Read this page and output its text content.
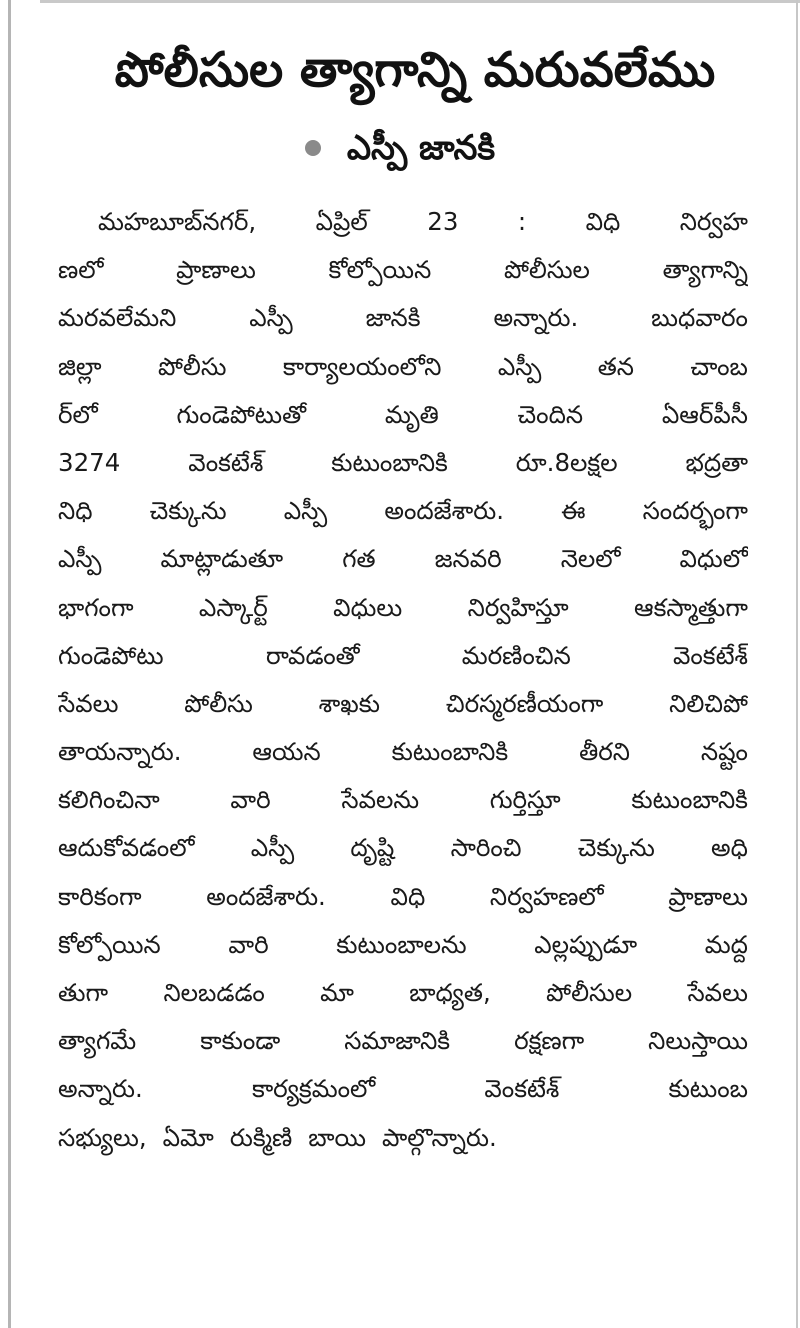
పోలీసుల త్యాగాన్ని మరువలేము
ఎస్పీ జానకి
మహబూబ్‌నగర్, ఏప్రిల్ 23 : విధి నిర్వహ
ణలో	ప్రాణాలు	కోల్పోయిన	పోలీసుల	త్యాగాన్ని
మరవలేమని	ఎస్పీ	జానకి	అన్నారు.	బుధవారం
జిల్లా పోలీసు కార్యాలయంలోని ఎస్పీ తన చాంబ
ర్‌లో	గుండెపోటుతో	మృతి	చెందిన	ఏఆర్‌పీసీ
3274	వెంకటేశ్	కుటుంబానికి	రూ.8లక్షల	భద్రతా
నిధి చెక్కును ఎస్పీ అందజేశారు. ఈ సందర్భంగా
ఎస్పీ మాట్లాడుతూ గత జనవరి నెలలో విధులో
భాగంగా	ఎస్కార్ట్	విధులు	నిర్వహిస్తూ	ఆకస్మాత్తుగా
గుండెపోటు	రావడంతో	మరణించిన	వెంకటేశ్
సేవలు	పోలీసు	శాఖకు	చిరస్మరణీయంగా	నిలిచిపో
తాయన్నారు.	ఆయన	కుటుంబానికి	తీరని	నష్టం
కలిగించినా	వారి	సేవలను	గుర్తిస్తూ	కుటుంబానికి
ఆదుకోవడంలో ఎస్పీ దృష్టి సారించి చెక్కును అధి
కారికంగా	అందజేశారు.	విధి	నిర్వహణలో	ప్రాణాలు
కోల్పోయిన	వారి	కుటుంబాలను	ఎల్లప్పుడూ	మద్ద
తుగా నిలబడడం మా బాధ్యత, పోలీసుల సేవలు
త్యాగమే	కాకుండా	సమాజానికి	రక్షణగా	నిలుస్తాయి
అన్నారు.	కార్యక్రమంలో	వెంకటేశ్	కుటుంబ
సభ్యులు, ఏమో రుక్మిణి బాయి పాల్గొన్నారు.
